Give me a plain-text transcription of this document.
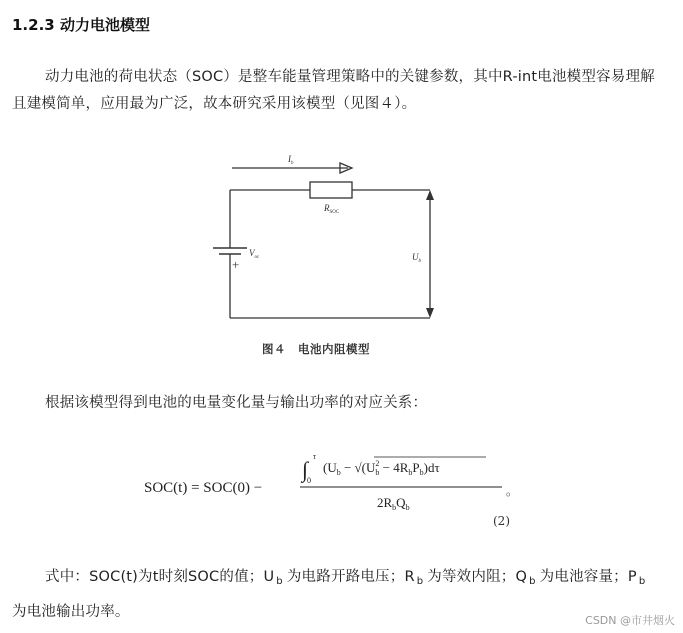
1.2.3 动力电池模型
动力电池的荷电状态（SOC）是整车能量管理策略中的关键参数，其中R-int电池模型容易理解且建模简单，应用最为广泛，故本研究采用该模型（见图４）。
$I_b$
$R_{SOC}$
+
$V_{oc}$	$U_b$
图４　电池内阻模型
根据该模型得到电池的电量变化量与输出功率的对应关系：
SOC(t) = SOC(0) −
∫
τ
0
($U_b - √(U_b2 - 4R_bP_b)d\tau$
$2R_bQ_b$
。
(2)
式中：SOC(t)为t时刻SOC的值；U $_b$ 为电路开路电压；R $_b$ 为等效内阻；Q $_b$ 为电池容量；P $_b$为电池输出功率。
CSDN @市井烟火
